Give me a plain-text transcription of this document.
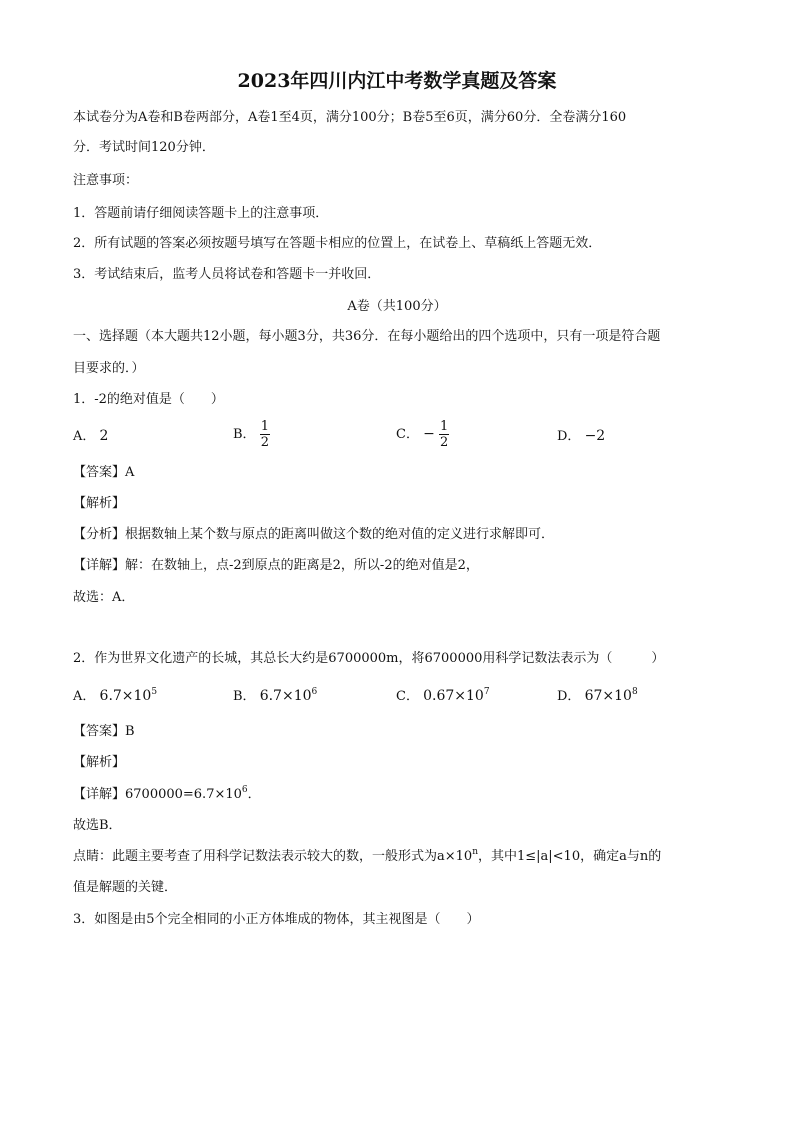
2023年四川内江中考数学真题及答案
本试卷分为A卷和B卷两部分，A卷1至4页，满分100分；B卷5至6页，满分60分．全卷满分160
分．考试时间120分钟．
注意事项：
1．答题前请仔细阅读答题卡上的注意事项．
2．所有试题的答案必须按题号填写在答题卡相应的位置上，在试卷上、草稿纸上答题无效．
3．考试结束后，监考人员将试卷和答题卡一并收回．
A卷（共100分）
一、选择题（本大题共12小题，每小题3分，共36分．在每小题给出的四个选项中，只有一项是符合题
目要求的．）
1．-2的绝对值是（　　）
A． 2	B． $\frac{1}{2}$	C． − $\frac{1}{2}$	D． −2
【答案】A
【解析】
【分析】根据数轴上某个数与原点的距离叫做这个数的绝对值的定义进行求解即可．
【详解】解：在数轴上，点-2到原点的距离是2，所以-2的绝对值是2，
故选：A．
2．作为世界文化遗产的长城，其总长大约是6700000m，将6700000用科学记数法表示为（　　　）
A． $6.7\times 10^5$	B． $6.7\times 10^6$	C． $0.67\times 10^7$	D． $67\times 10^8$
【答案】B
【解析】
【详解】$6700000=6.7\times 10^6$．
故选B．
点睛：此题主要考查了用科学记数法表示较大的数，一般形式为$a\times 10^n$，其中1≤|a|<10，确定a与n的
值是解题的关键．
3．如图是由5个完全相同的小正方体堆成的物体，其主视图是（　　）
